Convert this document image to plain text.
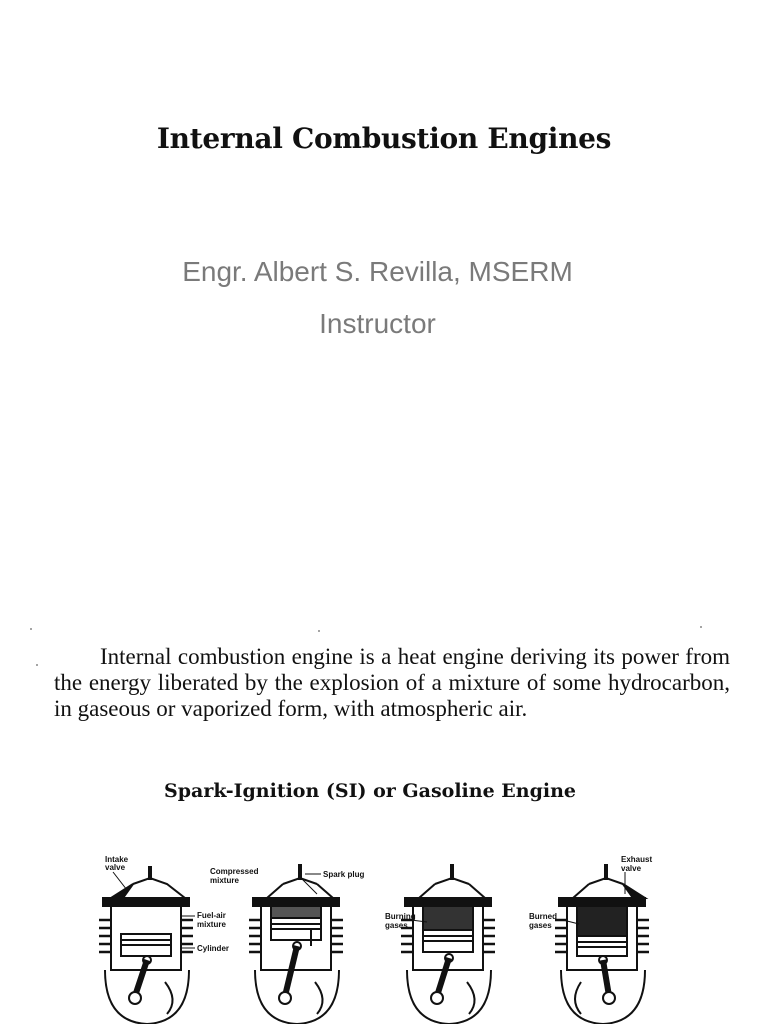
Internal Combustion Engines
Engr. Albert S. Revilla, MSERM
Instructor
Internal combustion engine is a heat engine deriving its power from the energy liberated by the explosion of a mixture of some hydrocarbon, in gaseous or vaporized form, with atmospheric air.
Spark-Ignition (SI) or Gasoline Engine
Intake
valve	Compressed
mixture
Spark plug
Fuel-air
mixture
Cylinder
Burning
gases
Burned
gases
Exhaust
valve
